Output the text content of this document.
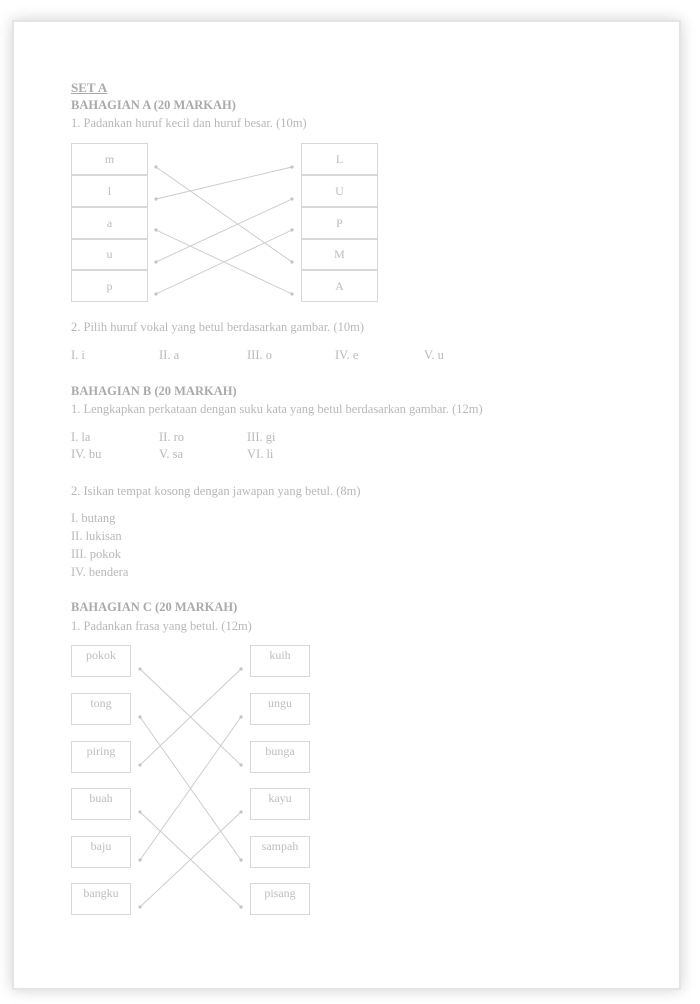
SET A
BAHAGIAN A (20 MARKAH)
1. Padankan huruf kecil dan huruf besar. (10m)
m
l
a
u
p
L
U
P
M
A
2. Pilih huruf vokal yang betul berdasarkan gambar. (10m)
I. i	II. a	III. o	IV. e	V. u
BAHAGIAN B (20 MARKAH)
1. Lengkapkan perkataan dengan suku kata yang betul berdasarkan gambar. (12m)
I. la	II. ro	III. gi
IV. bu	V. sa	VI. li
2. Isikan tempat kosong dengan jawapan yang betul. (8m)
I. butang
II. lukisan
III. pokok
IV. bendera
BAHAGIAN C (20 MARKAH)
1. Padankan frasa yang betul. (12m)
pokok
tong
piring
buah
baju
bangku
kuih
ungu
bunga
kayu
sampah
pisang
